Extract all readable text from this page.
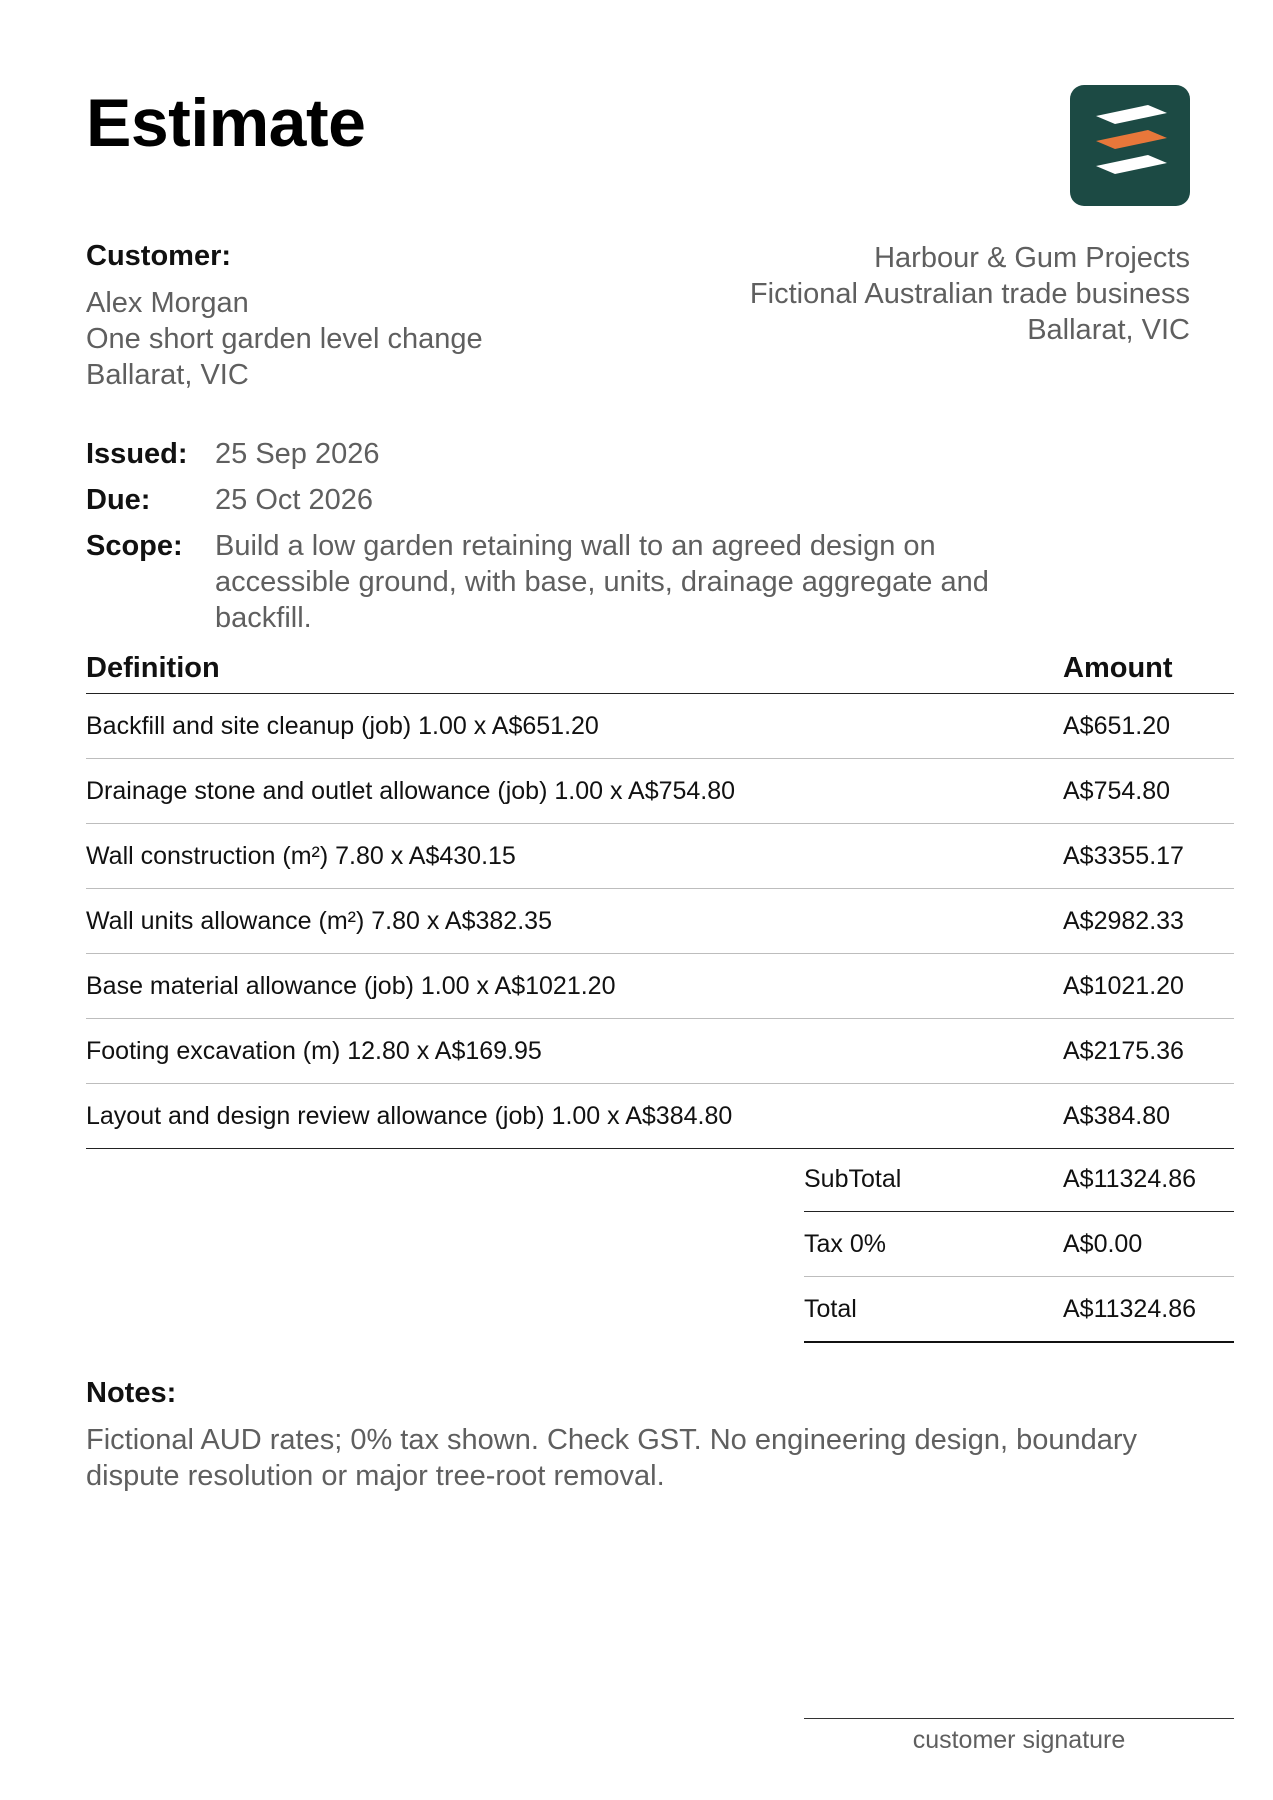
Estimate
Customer:
Alex Morgan
One short garden level change
Ballarat, VIC
Harbour & Gum Projects
Fictional Australian trade business
Ballarat, VIC
Issued: 25 Sep 2026
Due:	25 Oct 2026
Scope:	Build a low garden retaining wall to an agreed design on accessible ground, with base, units, drainage aggregate and backfill.
Definition	Amount
Backfill and site cleanup (job) 1.00 x A$651.20	A$651.20
Drainage stone and outlet allowance (job) 1.00 x A$754.80	A$754.80
Wall construction (m²) 7.80 x A$430.15	A$3355.17
Wall units allowance (m²) 7.80 x A$382.35	A$2982.33
Base material allowance (job) 1.00 x A$1021.20	A$1021.20
Footing excavation (m) 12.80 x A$169.95	A$2175.36
Layout and design review allowance (job) 1.00 x A$384.80	A$384.80
SubTotal	A$11324.86
Tax 0%	A$0.00
Total	A$11324.86
Notes:
Fictional AUD rates; 0% tax shown. Check GST. No engineering design, boundary dispute resolution or major tree-root removal.
customer signature
